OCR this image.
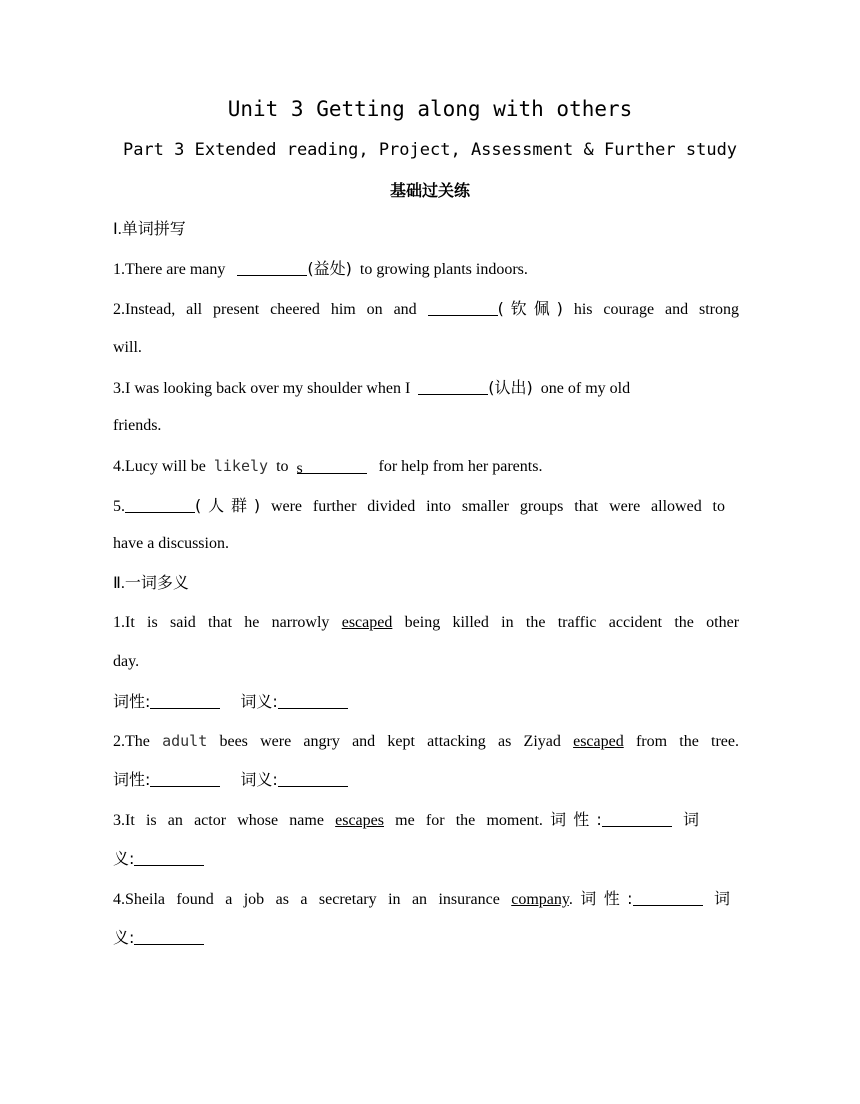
Unit 3 Getting along with others
Part 3 Extended reading, Project, Assessment & Further study
基础过关练
Ⅰ.单词拼写
1.There are many	(益处) to growing plants indoors.
2.Instead, all present cheered him on and	(钦佩) his courage and strong
will.
3.I was looking back over my shoulder when I	(认出) one of my old
friends.
4.Lucy will be likely to s	for help from her parents.
5.	(人群) were further divided into smaller groups that were allowed to
have a discussion.
Ⅱ.一词多义
1.It is said that he narrowly escaped being killed in the traffic accident the other
day.
词性:	词义:
2.The adult bees were angry and kept attacking as Ziyad escaped from the tree.
词性:	词义:
3.It is an actor whose name escapes me for the moment.词性:	词
义:
4.Sheila found a job as a secretary in an insurance company.词性:	词
义:
